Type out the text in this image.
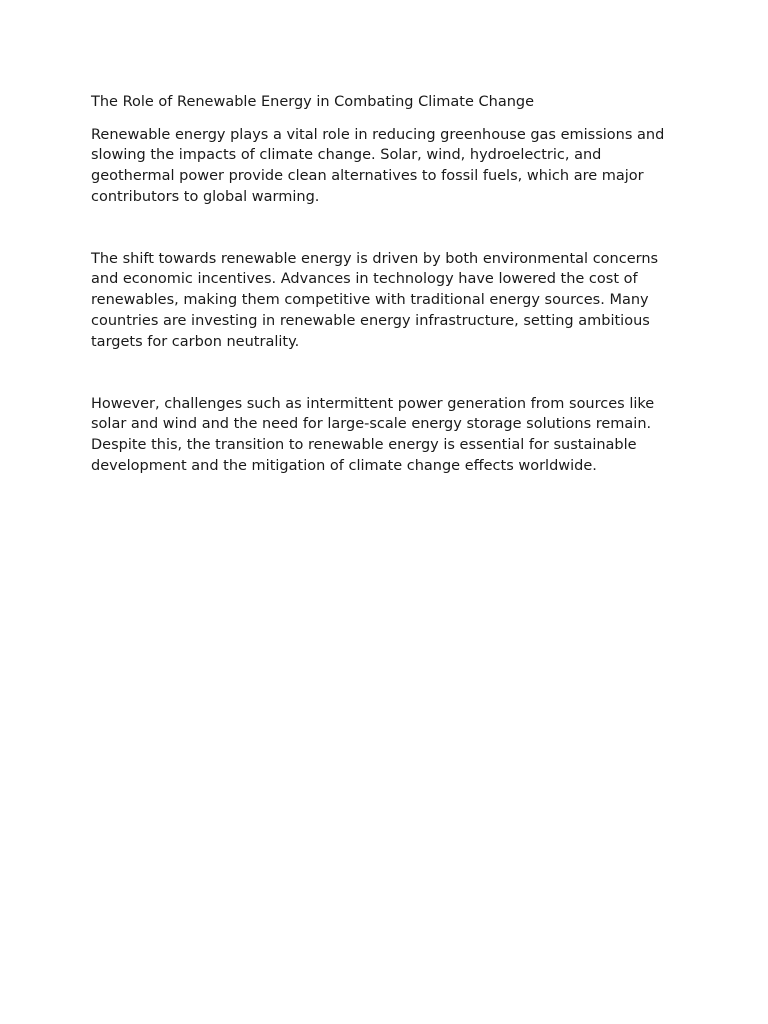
The Role of Renewable Energy in Combating Climate Change

Renewable energy plays a vital role in reducing greenhouse gas emissions and slowing the impacts of climate change. Solar, wind, hydroelectric, and geothermal power provide clean alternatives to fossil fuels, which are major contributors to global warming.

The shift towards renewable energy is driven by both environmental concerns and economic incentives. Advances in technology have lowered the cost of renewables, making them competitive with traditional energy sources. Many countries are investing in renewable energy infrastructure, setting ambitious targets for carbon neutrality.

However, challenges such as intermittent power generation from sources like solar and wind and the need for large-scale energy storage solutions remain. Despite this, the transition to renewable energy is essential for sustainable development and the mitigation of climate change effects worldwide.
